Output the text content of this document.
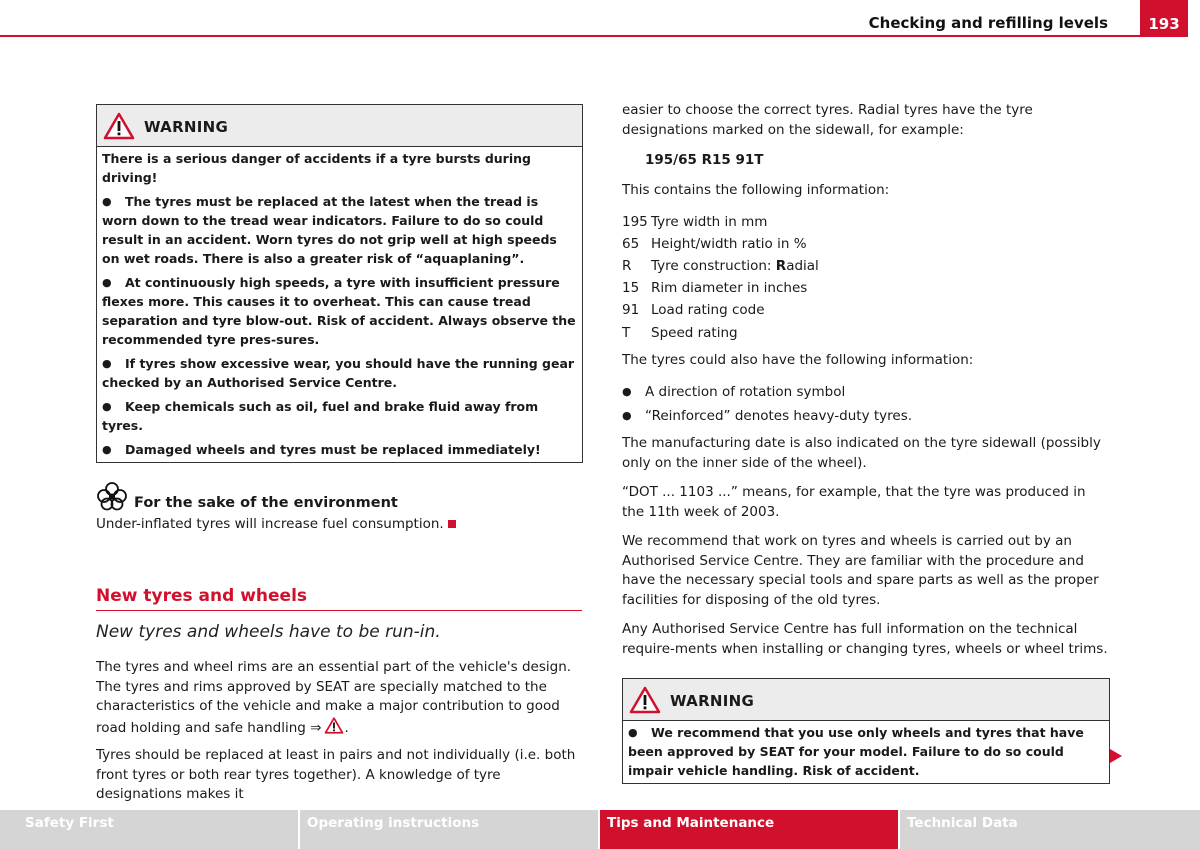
Checking and refilling levels	193
WARNING

There is a serious danger of accidents if a tyre bursts during driving!

● The tyres must be replaced at the latest when the tread is worn down to the tread wear indicators. Failure to do so could result in an accident. Worn tyres do not grip well at high speeds on wet roads. There is also a greater risk of “aquaplaning”.

● At continuously high speeds, a tyre with insufficient pressure flexes more. This causes it to overheat. This can cause tread separation and tyre blow-out. Risk of accident. Always observe the recommended tyre pres-sures.

● If tyres show excessive wear, you should have the running gear checked by an Authorised Service Centre.

● Keep chemicals such as oil, fuel and brake fluid away from tyres.

● Damaged wheels and tyres must be replaced immediately!

For the sake of the environment
Under-inflated tyres will increase fuel consumption.
New tyres and wheels
New tyres and wheels have to be run-in.

The tyres and wheel rims are an essential part of the vehicle's design. The tyres and rims approved by SEAT are specially matched to the characteristics of the vehicle and make a major contribution to good road holding and safe handling ⇒ .

Tyres should be replaced at least in pairs and not individually (i.e. both front tyres or both rear tyres together). A knowledge of tyre designations makes it

easier to choose the correct tyres. Radial tyres have the tyre designations marked on the sidewall, for example:

195/65 R15 91T

This contains the following information:

195 Tyre width in mm
65 Height/width ratio in %
R	Tyre construction: Radial
15 Rim diameter in inches
91 Load rating code
T	Speed rating

The tyres could also have the following information:

● A direction of rotation symbol
● “Reinforced” denotes heavy-duty tyres.

The manufacturing date is also indicated on the tyre sidewall (possibly only on the inner side of the wheel).

“DOT ... 1103 ...” means, for example, that the tyre was produced in the 11th week of 2003.

We recommend that work on tyres and wheels is carried out by an Authorised Service Centre. They are familiar with the procedure and have the necessary special tools and spare parts as well as the proper facilities for disposing of the old tyres.

Any Authorised Service Centre has full information on the technical require-ments when installing or changing tyres, wheels or wheel trims.

WARNING

● We recommend that you use only wheels and tyres that have been approved by SEAT for your model. Failure to do so could impair vehicle handling. Risk of accident.

Safety First	Operating instructions	Tips and Maintenance	Technical Data
